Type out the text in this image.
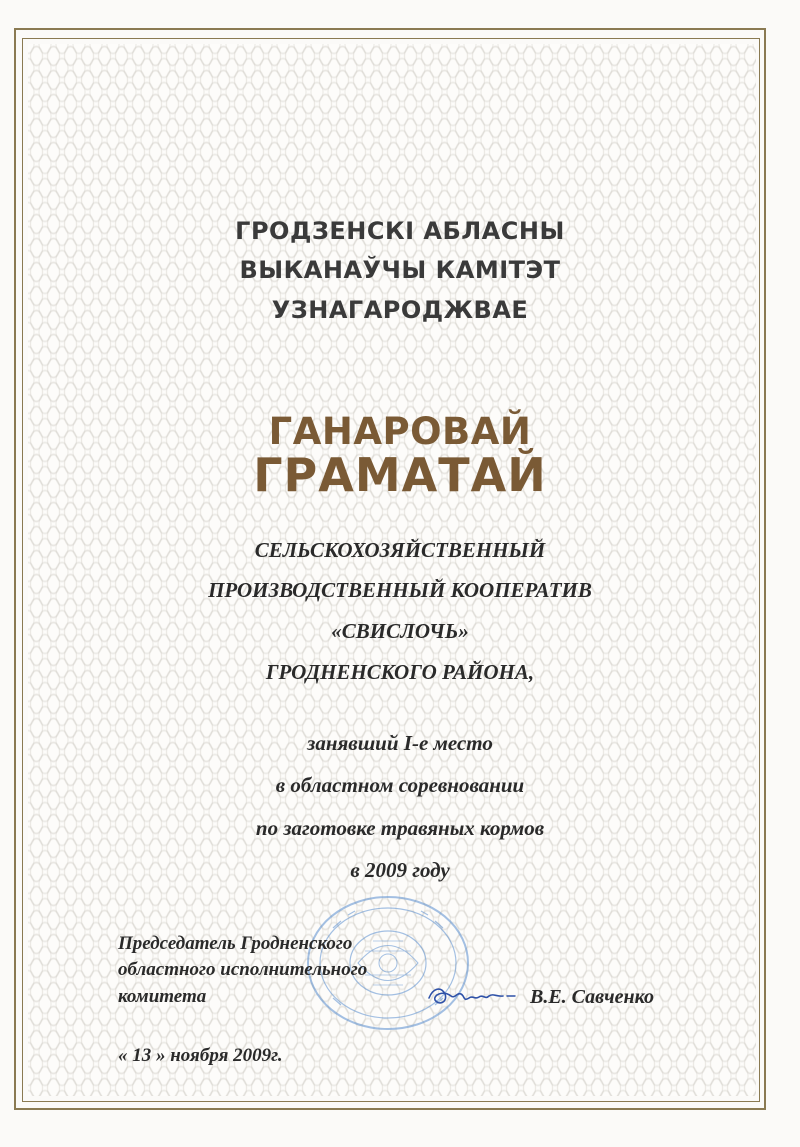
ГРОДЗЕНСКІ АБЛАСНЫ
ВЫКАНАЎЧЫ КАМІТЭТ
УЗНАГАРОДЖВАЕ
ГАНАРОВАЙ
ГРАМАТАЙ
СЕЛЬСКОХОЗЯЙСТВЕННЫЙ
ПРОИЗВОДСТВЕННЫЙ КООПЕРАТИВ
«СВИСЛОЧЬ»
ГРОДНЕНСКОГО РАЙОНА,
занявший I-е место
в областном соревновании
по заготовке травяных кормов
в 2009 году
Председатель Гродненского
областного исполнительного
комитета	В.Е. Савченко
« 13 » ноября 2009г.
